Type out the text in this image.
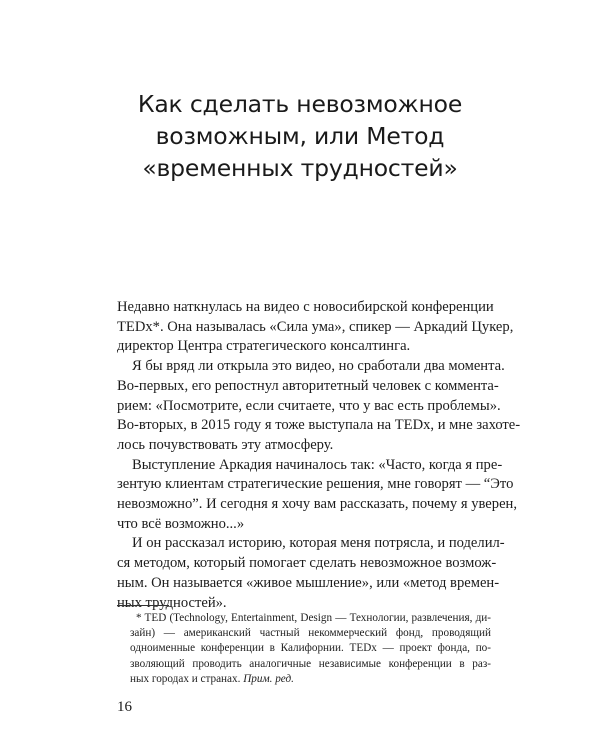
Как сделать невозможное
возможным, или Метод
«временных трудностей»
Недавно наткнулась на видео с новосибирской конференции
TEDx*. Она называлась «Сила ума», спикер — Аркадий Цукер,
директор Центра стратегического консалтинга.
Я бы вряд ли открыла это видео, но сработали два момента.
Во-первых, его репостнул авторитетный человек с коммента-
рием: «Посмотрите, если считаете, что у вас есть проблемы».
Во-вторых, в 2015 году я тоже выступала на TEDx, и мне захоте-
лось почувствовать эту атмосферу.
Выступление Аркадия начиналось так: «Часто, когда я пре-
зентую клиентам стратегические решения, мне говорят — “Это
невозможно”. И сегодня я хочу вам рассказать, почему я уверен,
что всё возможно...»
И он рассказал историю, которая меня потрясла, и поделил-
ся методом, который помогает сделать невозможное возмож-
ным. Он называется «живое мышление», или «метод времен-
ных трудностей».
* TED (Technology, Entertainment, Design — Технологии, развлечения, ди-
зайн) — американский частный некоммерческий фонд, проводящий
одноименные конференции в Калифорнии. TEDx — проект фонда, по-
зволяющий проводить аналогичные независимые конференции в раз-
ных городах и странах. Прим. ред.
16
